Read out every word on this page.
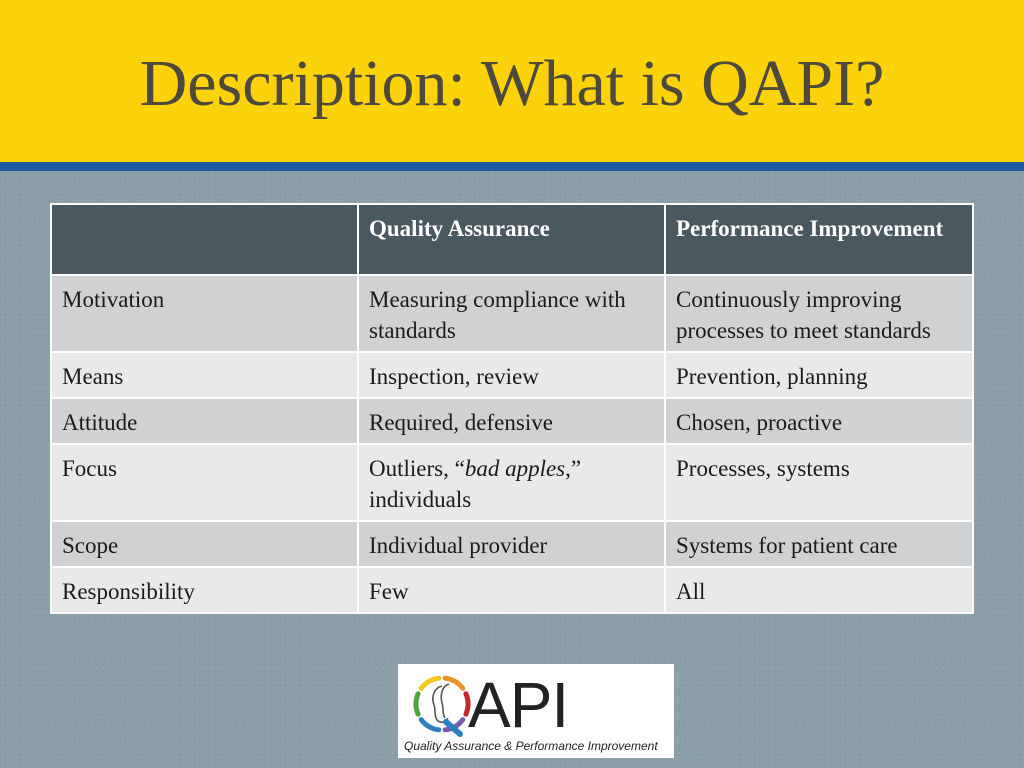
Description: What is QAPI?
	Quality Assurance	Performance Improvement
Motivation	Measuring compliance with standards	Continuously improving processes to meet standards
Means	Inspection, review	Prevention, planning
Attitude	Required, defensive	Chosen, proactive
Focus	Outliers, “bad apples,” individuals	Processes, systems
Scope	Individual provider	Systems for patient care
Responsibility	Few	All
API
Quality Assurance & Performance Improvement
